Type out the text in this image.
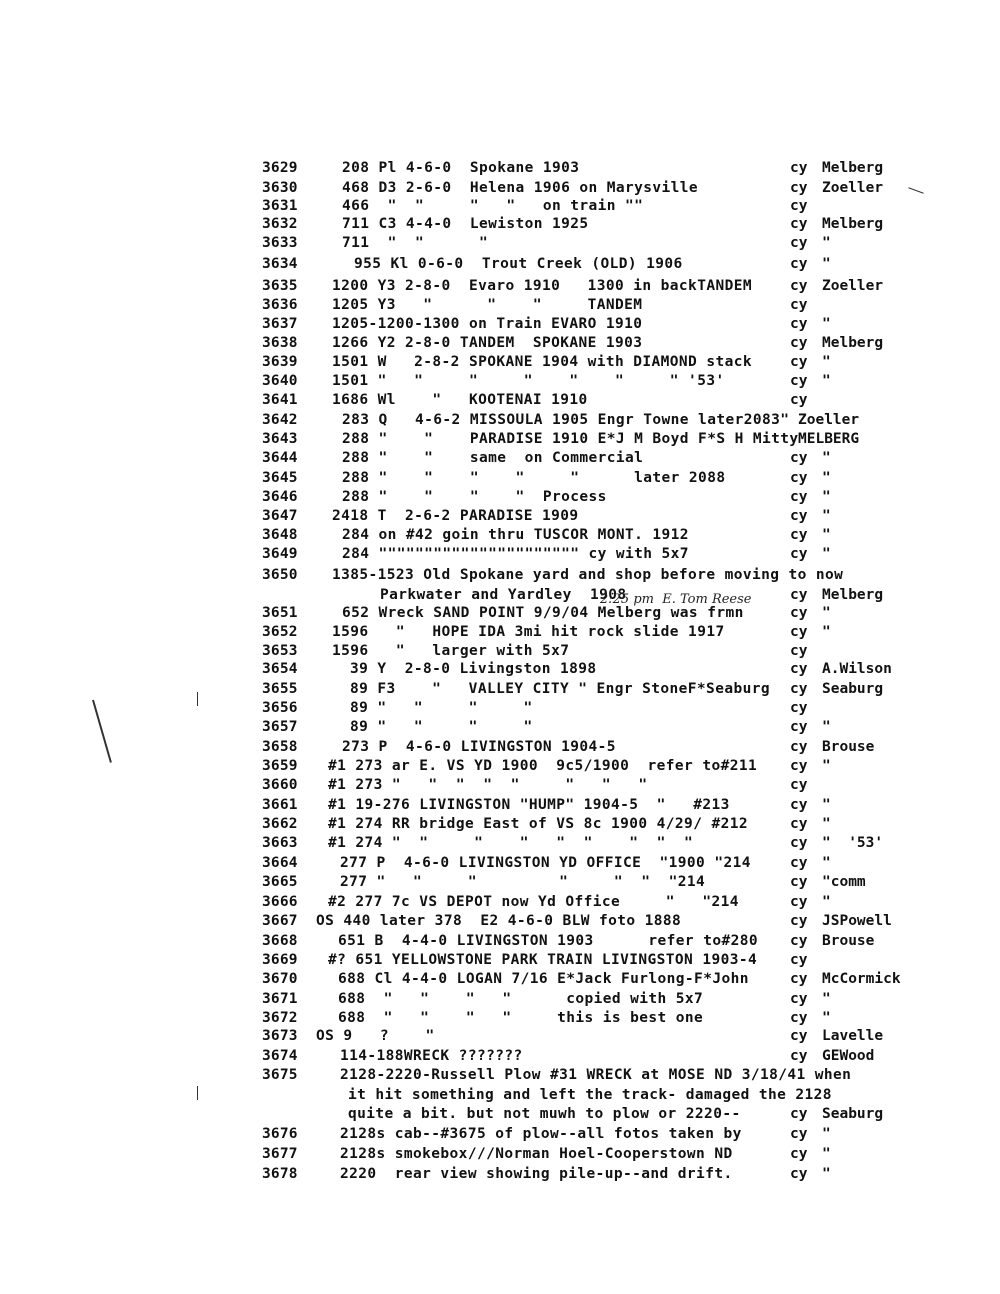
3629	208 Pl 4-6-0  Spokane 1903	cy Melberg
3630	468 D3 2-6-0  Helena 1906 on Marysville	cy Zoeller
3631	466  "  "     "   "   on train ""	cy
3632	711 C3 4-4-0  Lewiston 1925	cy Melberg
3633	711  "  "      "	cy "
3634	955 Kl 0-6-0  Trout Creek (OLD) 1906	cy "
3635	1200 Y3 2-8-0  Evaro 1910   1300 in backTANDEM	cy Zoeller
3636	1205 Y3   "      "    "     TANDEM	cy
3637	1205-1200-1300 on Train EVARO 1910	cy "
3638	1266 Y2 2-8-0 TANDEM  SPOKANE 1903	cy Melberg
3639	1501 W   2-8-2 SPOKANE 1904 with DIAMOND stack	cy "
3640	1501 "   "     "     "    "    "     " '53'	cy "
3641	1686 Wl    "   KOOTENAI 1910	cy
3642	283 Q   4-6-2 MISSOULA 1905 Engr Towne later2083" Zoeller
3643	288 "    "    PARADISE 1910 E*J M Boyd F*S H Mitty MELBERG
3644	288 "    "    same  on Commercial	cy "
3645	288 "    "    "    "     "      later 2088	cy "
3646	288 "    "    "    "  Process	cy "
3647	2418 T  2-6-2 PARADISE 1909	cy "
3648	284 on #42 goin thru TUSCOR MONT. 1912	cy "
3649	284 """""""""""""""""""""" cy with 5x7	cy "
3650	1385-1523 Old Spokane yard and shop before moving to now
Parkwater and Yardley  1908	cy Melberg
3651	652 Wreck SAND POINT 9/9/04 Melberg was frmn	cy "
3652	1596   "   HOPE IDA 3mi hit rock slide 1917	cy "
3653	1596   "   larger with 5x7	cy
3654	39 Y  2-8-0 Livingston 1898	cy A.Wilson
3655	89 F3    "   VALLEY CITY " Engr StoneF*Seaburg cy Seaburg
3656	89 "   "     "     "	cy
3657	89 "   "     "     "	cy "
3658	273 P  4-6-0 LIVINGSTON 1904-5	cy Brouse
3659	#1 273 ar E. VS YD 1900  9c5/1900  refer to#211 cy "
3660	#1 273 "   "  "  "  "     "   "   "	cy
3661	#1 19-276 LIVINGSTON "HUMP" 1904-5  "   #213	cy "
3662	#1 274 RR bridge East of VS 8c 1900 4/29/ #212	cy "
3663	#1 274 "  "     "    "   "  "    "  "  "	cy "  '53'
3664	277 P  4-6-0 LIVINGSTON YD OFFICE  "1900 "214	cy "
3665	277 "   "     "         "     "  "  "214	cy "comm
3666	#2 277 7c VS DEPOT now Yd Office     "   "214	cy "
3667	OS 440 later 378  E2 4-6-0 BLW foto 1888	cy JSPowell
3668	651 B  4-4-0 LIVINGSTON 1903      refer to#280 cy Brouse
3669	#? 651 YELLOWSTONE PARK TRAIN LIVINGSTON 1903-4 cy
3670	688 Cl 4-4-0 LOGAN 7/16 E*Jack Furlong-F*John	cy McCormick
3671	688  "   "    "   "      copied with 5x7	cy "
3672	688  "   "    "   "     this is best one	cy "
3673	OS 9   ?    "	cy Lavelle
3674	114-188WRECK ???????	cy GEWood
3675	2128-2220-Russell Plow #31 WRECK at MOSE ND 3/18/41 when
it hit something and left the track- damaged the 2128
quite a bit. but not muwh to plow or 2220--	cy Seaburg
3676	2128s cab--#3675 of plow--all fotos taken by	cy "
3677	2128s smokebox///Norman Hoel-Cooperstown ND	cy "
3678	2220  rear view showing pile-up--and drift.	cy "
2:25 pm  E. Tom Reese
